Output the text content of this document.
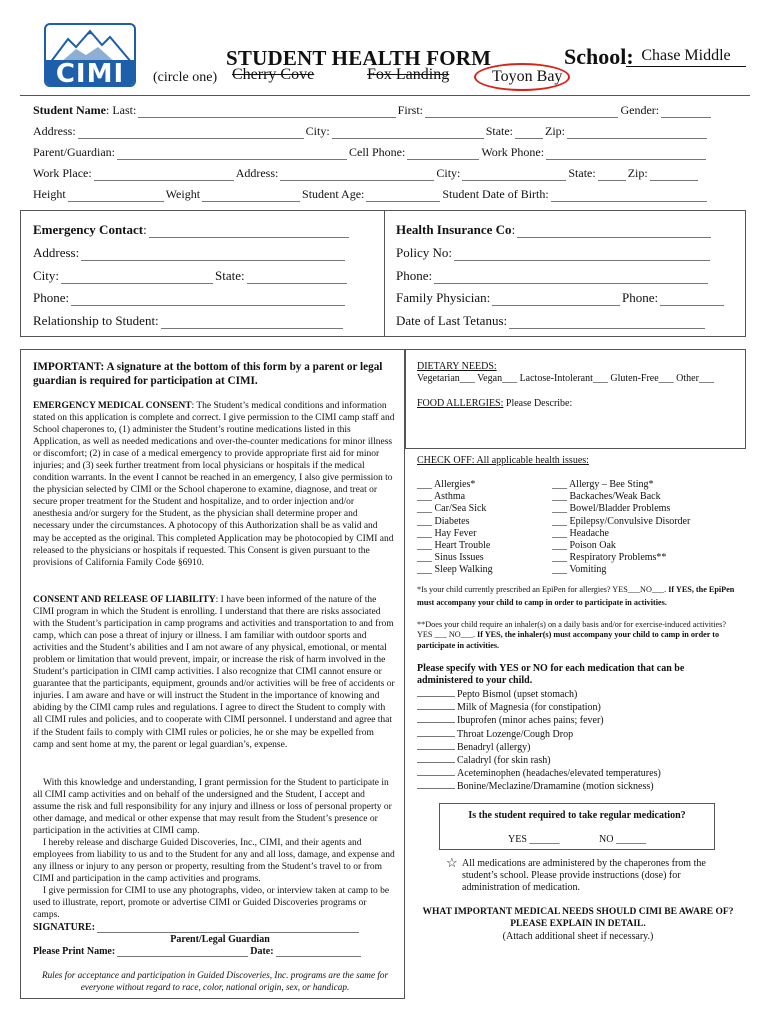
CIMI
STUDENT HEALTH FORM
(circle one) Cherry Cove	Fox Landing	Toyon Bay
School: Chase Middle
Student Name : Last:	First:	Gender:
Address:	City:	State:	Zip:
Parent/Guardian:	Cell Phone:	Work Phone:
Work Place:	Address:	City:	State:	Zip:
Height	Weight	Student Age:	Student Date of Birth:
Emergency Contact :
Address:
City:	State:
Phone:
Relationship to Student:
Health Insurance Co :
Policy No:
Phone:
Family Physician:	Phone:
Date of Last Tetanus:
IMPORTANT: A signature at the bottom of this form by a parent or legal guardian is required for participation at CIMI.
EMERGENCY MEDICAL CONSENT: The Student’s medical conditions and information stated on this application is complete and correct. I give permission to the CIMI camp staff and School chaperones to, (1) administer the Student’s routine medications listed in this Application, as well as needed medications and over-the-counter medications for minor illness or discomfort; (2) in case of a medical emergency to provide appropriate first aid for minor injuries; and (3) seek further treatment from local physicians or hospitals if the medical condition warrants. In the event I cannot be reached in an emergency, I also give permission to the physician selected by CIMI or the School chaperone to examine, diagnose, and treat or secure proper treatment for the Student and hospitalize, and to order injection and/or anesthesia and/or surgery for the Student, as the physician shall determine proper and necessary under the circumstances. A photocopy of this Authorization shall be as valid and may be accepted as the original. This completed Application may be photocopied by CIMI and released to the physicians or hospitals if requested. This Consent is given pursuant to the provisions of California Family Code §6910.
CONSENT AND RELEASE OF LIABILITY: I have been informed of the nature of the CIMI program in which the Student is enrolling. I understand that there are risks associated with the Student’s participation in camp programs and activities and transportation to and from camp, which can pose a threat of injury or illness. I am familiar with outdoor sports and activities and the Student’s abilities and I am not aware of any physical, emotional, or mental problem or limitation that would prevent, impair, or increase the risk of harm involved in the Student’s participation in CIMI camp activities. I also recognize that CIMI cannot ensure or guarantee that the participants, equipment, grounds and/or activities will be free of accidents or injuries. I am aware and have or will instruct the Student in the importance of knowing and abiding by the CIMI camp rules and regulations. I agree to direct the Student to comply with all CIMI rules and policies, and to cooperate with CIMI personnel. I understand and agree that if the Student fails to comply with CIMI rules or policies, he or she may be expelled from camp and sent home at my, the parent or legal guardian’s, expense.
With this knowledge and understanding, I grant permission for the Student to participate in all CIMI camp activities and on behalf of the undersigned and the Student, I accept and assume the risk and full responsibility for any injury and illness or loss of personal property or other damage, and medical or other expense that may result from the Student’s presence or participation in the activities at CIMI camp.
I hereby release and discharge Guided Discoveries, Inc., CIMI, and their agents and employees from liability to us and to the Student for any and all loss, damage, and expense and any illness or injury to any person or property, resulting from the Student’s travel to or from CIMI and participation in the camp activities and programs.
I give permission for CIMI to use any photographs, video, or interview taken at camp to be used to illustrate, report, promote or advertise CIMI or Guided Discoveries programs or camps.
SIGNATURE:
Parent/Legal Guardian
Please Print Name:	Date:
Rules for acceptance and participation in Guided Discoveries, Inc. programs are the same for everyone without regard to race, color, national origin, sex, or handicap.
DIETARY NEEDS:
Vegetarian___ Vegan___ Lactose-Intolerant___ Gluten-Free___ Other___
FOOD ALLERGIES: Please Describe:
CHECK OFF: All applicable health issues:
___ Allergies*
___ Asthma
___ Car/Sea Sick
___ Diabetes
___ Hay Fever
___ Heart Trouble
___ Sinus Issues
___ Sleep Walking
___ Allergy – Bee Sting*
___ Backaches/Weak Back
___ Bowel/Bladder Problems
___ Epilepsy/Convulsive Disorder
___ Headache
___ Poison Oak
___ Respiratory Problems**
___ Vomiting
*Is your child currently prescribed an EpiPen for allergies? YES___NO___. If YES, the EpiPen must accompany your child to camp in order to participate in activities.
**Does your child require an inhaler(s) on a daily basis and/or for exercise-induced activities? YES ___ NO___. If YES, the inhaler(s) must accompany your child to camp in order to participate in activities.
Please specify with YES or NO for each medication that can be administered to your child.
Pepto Bismol (upset stomach)
Milk of Magnesia (for constipation)
Ibuprofen (minor aches pains; fever)
Throat Lozenge/Cough Drop
Benadryl (allergy)
Caladryl (for skin rash)
Aceteminophen (headaches/elevated temperatures)
Bonine/Meclazine/Dramamine (motion sickness)
Is the student required to take regular medication?
YES ______	NO ______
☆ All medications are administered by the chaperones from the student’s school. Please provide instructions (dose) for administration of medication.
WHAT IMPORTANT MEDICAL NEEDS SHOULD CIMI BE AWARE OF? PLEASE EXPLAIN IN DETAIL.
(Attach additional sheet if necessary.)
